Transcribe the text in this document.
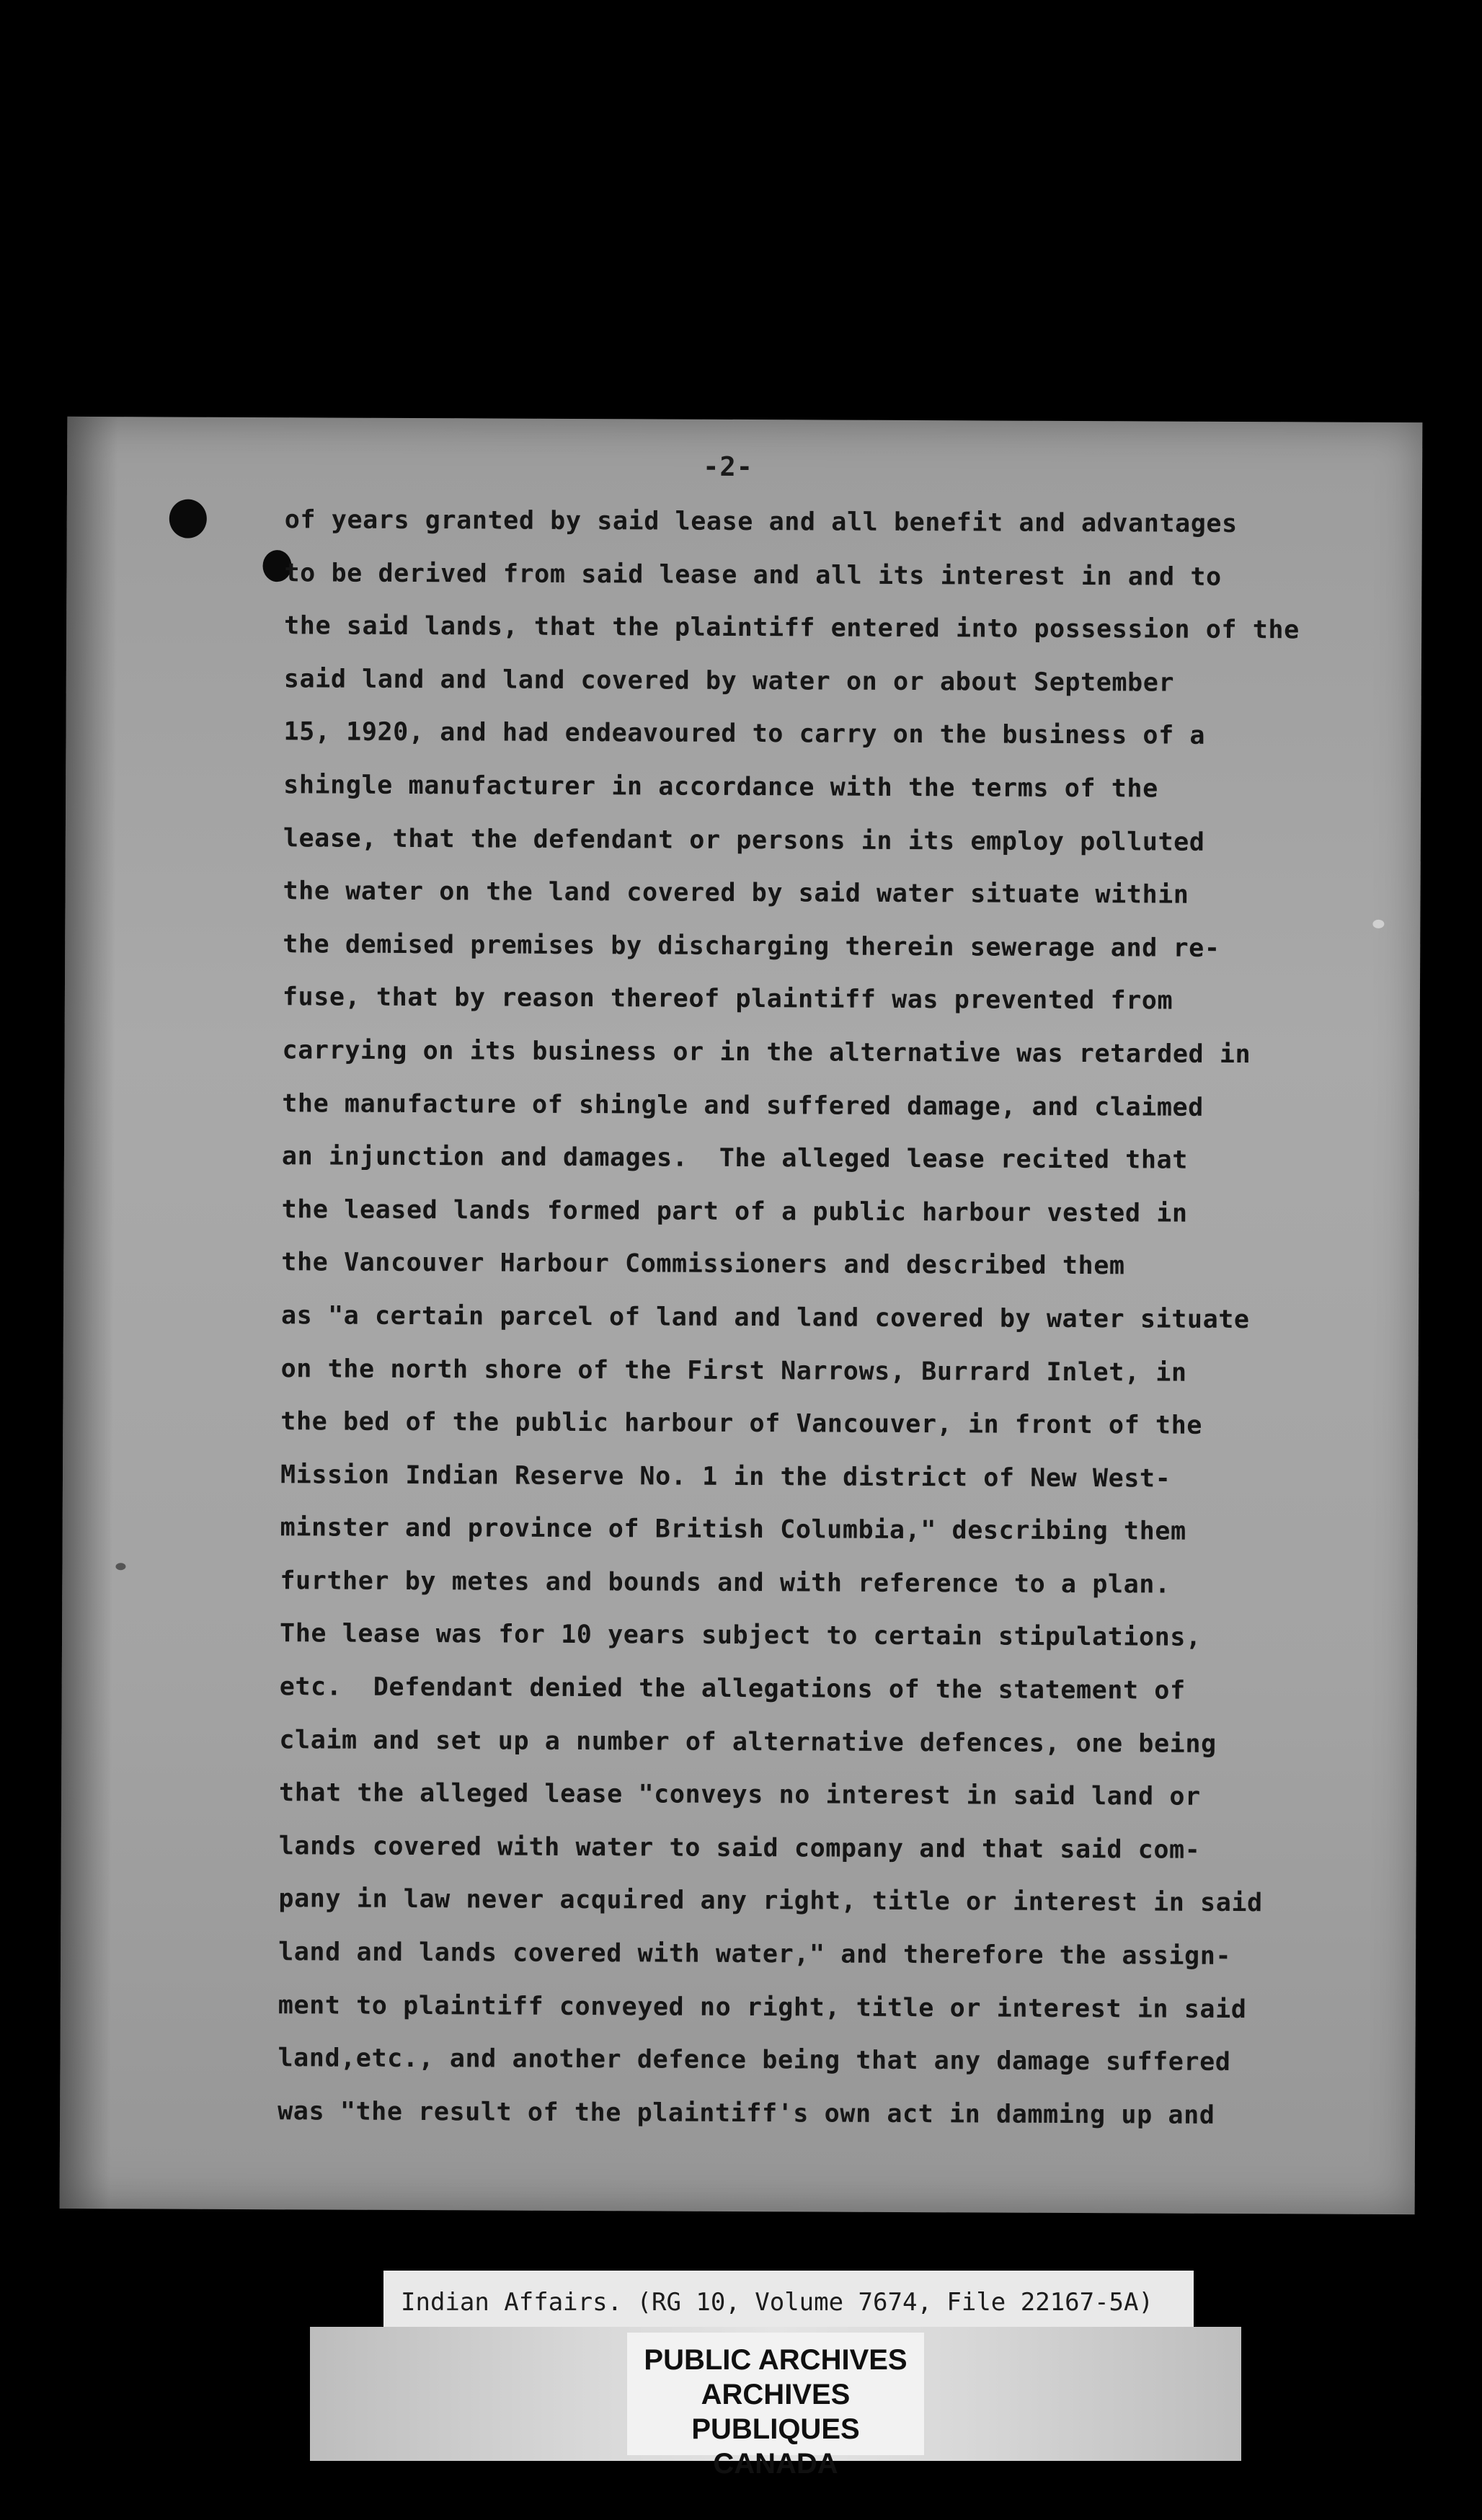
-2-
of years granted by said lease and all benefit and advantages
to be derived from said lease and all its interest in and to
the said lands, that the plaintiff entered into possession of the
said land and land covered by water on or about September
15, 1920, and had endeavoured to carry on the business of a
shingle manufacturer in accordance with the terms of the
lease, that the defendant or persons in its employ polluted
the water on the land covered by said water situate within
the demised premises by discharging therein sewerage and re-
fuse, that by reason thereof plaintiff was prevented from
carrying on its business or in the alternative was retarded in
the manufacture of shingle and suffered damage, and claimed
an injunction and damages.  The alleged lease recited that
the leased lands formed part of a public harbour vested in
the Vancouver Harbour Commissioners and described them
as "a certain parcel of land and land covered by water situate
on the north shore of the First Narrows, Burrard Inlet, in
the bed of the public harbour of Vancouver, in front of the
Mission Indian Reserve No. 1 in the district of New West-
minster and province of British Columbia," describing them
further by metes and bounds and with reference to a plan.
The lease was for 10 years subject to certain stipulations,
etc.  Defendant denied the allegations of the statement of
claim and set up a number of alternative defences, one being
that the alleged lease "conveys no interest in said land or
lands covered with water to said company and that said com-
pany in law never acquired any right, title or interest in said
land and lands covered with water," and therefore the assign-
ment to plaintiff conveyed no right, title or interest in said
land,etc., and another defence being that any damage suffered
was "the result of the plaintiff's own act in damming up and
Indian Affairs. (RG 10, Volume 7674, File 22167-5A)
PUBLIC ARCHIVES
ARCHIVES PUBLIQUES
CANADA
